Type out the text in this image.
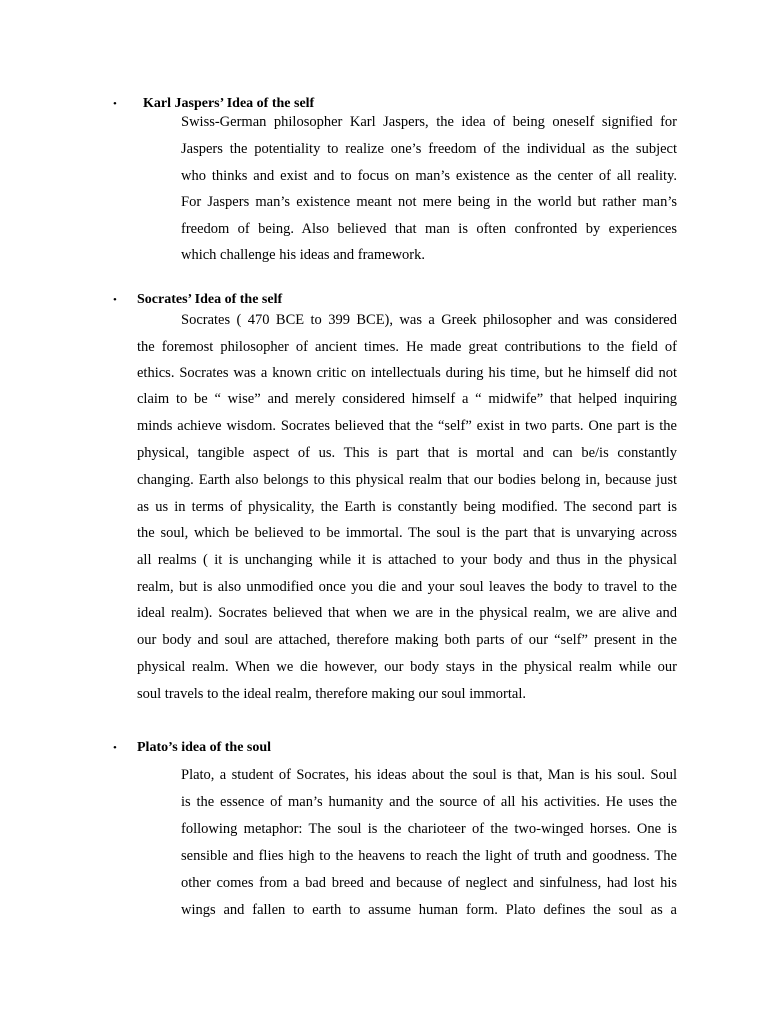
• Karl Jaspers’ Idea of the self
Swiss-German philosopher Karl Jaspers, the idea of being oneself signified for
Jaspers the potentiality to realize one’s freedom of the individual as the subject
who thinks and exist and to focus on man’s existence as the center of all reality.
For Jaspers man’s existence meant not mere being in the world but rather man’s
freedom of being. Also believed that man is often confronted by experiences
which challenge his ideas and framework.
• Socrates’ Idea of the self
Socrates ( 470 BCE to 399 BCE), was a Greek philosopher and was considered
the foremost philosopher of ancient times. He made great contributions to the field of
ethics. Socrates was a known critic on intellectuals during his time, but he himself did not
claim to be “ wise” and merely considered himself a “ midwife” that helped inquiring
minds achieve wisdom. Socrates believed that the “self” exist in two parts. One part is the
physical, tangible aspect of us. This is part that is mortal and can be/is constantly
changing. Earth also belongs to this physical realm that our bodies belong in, because just
as us in terms of physicality, the Earth is constantly being modified. The second part is
the soul, which be believed to be immortal. The soul is the part that is unvarying across
all realms ( it is unchanging while it is attached to your body and thus in the physical
realm, but is also unmodified once you die and your soul leaves the body to travel to the
ideal realm). Socrates believed that when we are in the physical realm, we are alive and
our body and soul are attached, therefore making both parts of our “self” present in the
physical realm. When we die however, our body stays in the physical realm while our
soul travels to the ideal realm, therefore making our soul immortal.
• Plato’s idea of the soul
Plato, a student of Socrates, his ideas about the soul is that, Man is his soul. Soul
is the essence of man’s humanity and the source of all his activities. He uses the
following metaphor: The soul is the charioteer of the two-winged horses. One is
sensible and flies high to the heavens to reach the light of truth and goodness. The
other comes from a bad breed and because of neglect and sinfulness, had lost his
wings and fallen to earth to assume human form. Plato defines the soul as a
